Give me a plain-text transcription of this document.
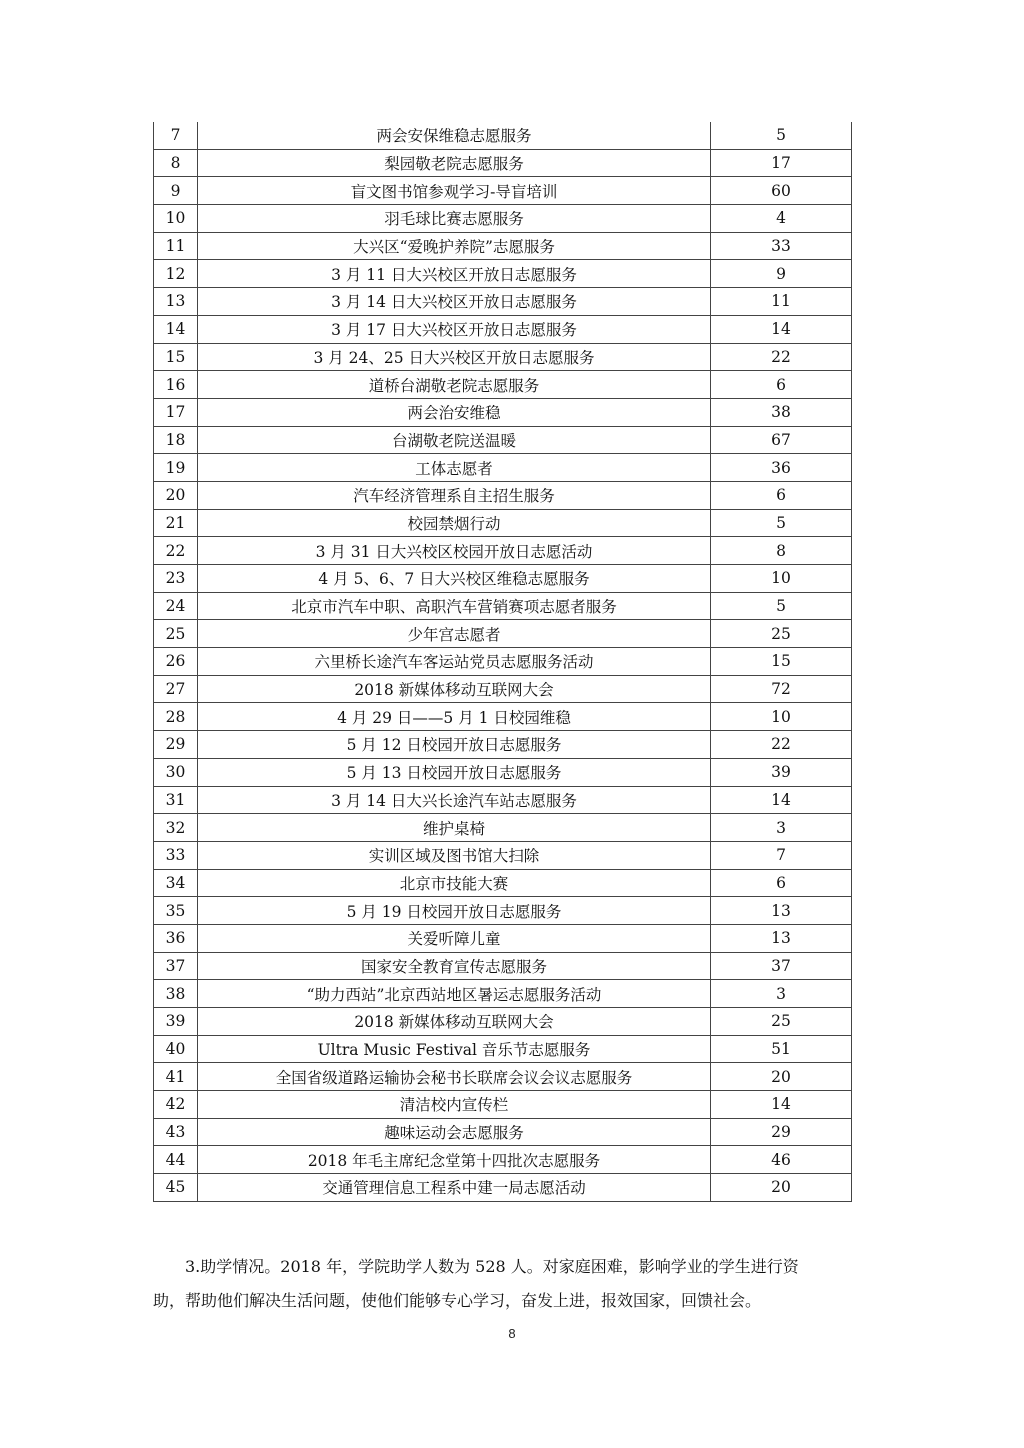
7	两会安保维稳志愿服务	5
8	梨园敬老院志愿服务	17
9	盲文图书馆参观学习-导盲培训	60
10	羽毛球比赛志愿服务	4
11	大兴区“爱晚护养院”志愿服务	33
12	3 月 11 日大兴校区开放日志愿服务	9
13	3 月 14 日大兴校区开放日志愿服务	11
14	3 月 17 日大兴校区开放日志愿服务	14
15	3 月 24、25 日大兴校区开放日志愿服务	22
16	道桥台湖敬老院志愿服务	6
17	两会治安维稳	38
18	台湖敬老院送温暖	67
19	工体志愿者	36
20	汽车经济管理系自主招生服务	6
21	校园禁烟行动	5
22	3 月 31 日大兴校区校园开放日志愿活动	8
23	4 月 5、6、7 日大兴校区维稳志愿服务	10
24	北京市汽车中职、高职汽车营销赛项志愿者服务	5
25	少年宫志愿者	25
26	六里桥长途汽车客运站党员志愿服务活动	15
27	2018 新媒体移动互联网大会	72
28	4 月 29 日——5 月 1 日校园维稳	10
29	5 月 12 日校园开放日志愿服务	22
30	5 月 13 日校园开放日志愿服务	39
31	3 月 14 日大兴长途汽车站志愿服务	14
32	维护桌椅	3
33	实训区域及图书馆大扫除	7
34	北京市技能大赛	6
35	5 月 19 日校园开放日志愿服务	13
36	关爱听障儿童	13
37	国家安全教育宣传志愿服务	37
38	“助力西站”北京西站地区暑运志愿服务活动	3
39	2018 新媒体移动互联网大会	25
40	Ultra Music Festival 音乐节志愿服务	51
41	全国省级道路运输协会秘书长联席会议会议志愿服务	20
42	清洁校内宣传栏	14
43	趣味运动会志愿服务	29
44	2018 年毛主席纪念堂第十四批次志愿服务	46
45	交通管理信息工程系中建一局志愿活动	20

3.助学情况。2018 年，学院助学人数为 528 人。对家庭困难，影响学业的学生进行资

助，帮助他们解决生活问题，使他们能够专心学习，奋发上进，报效国家，回馈社会。

8
